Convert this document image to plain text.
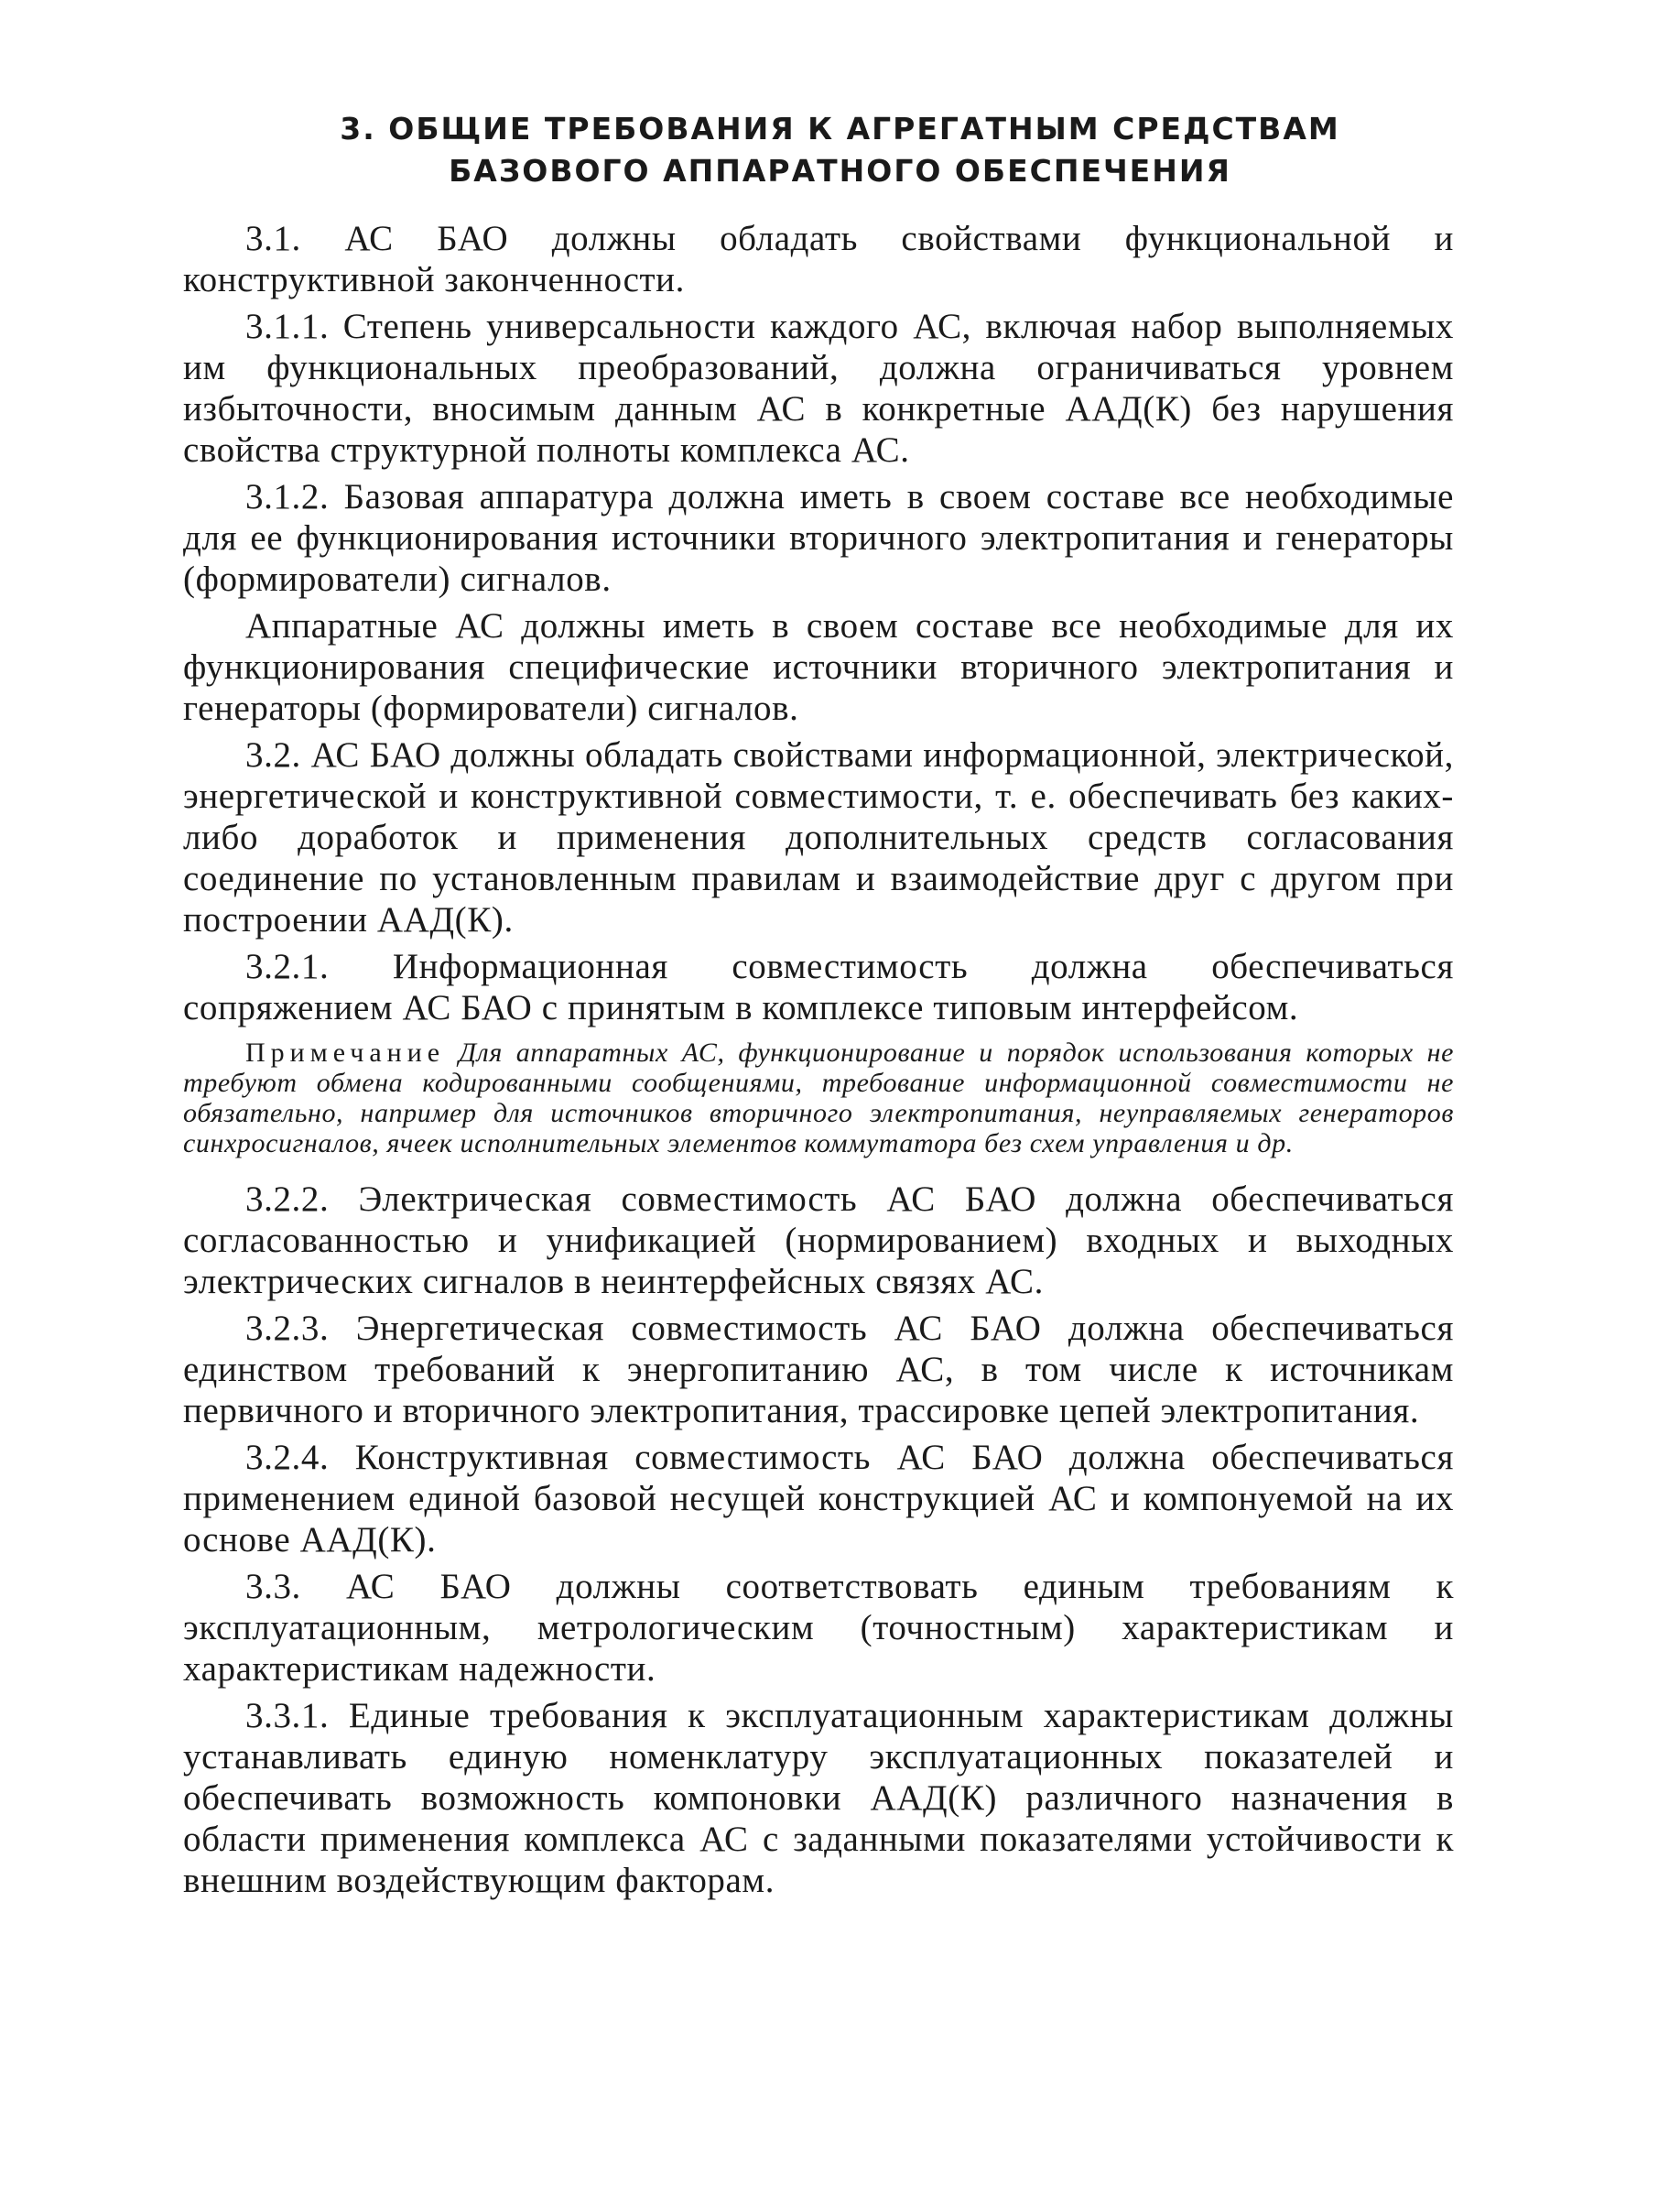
3. ОБЩИЕ ТРЕБОВАНИЯ К АГРЕГАТНЫМ СРЕДСТВАМ
БАЗОВОГО АППАРАТНОГО ОБЕСПЕЧЕНИЯ

3.1. АС БАО должны обладать свойствами функциональной и конструктивной законченности.

3.1.1. Степень универсальности каждого АС, включая набор выполняемых им функциональных преобразований, должна ограничиваться уровнем избыточности, вносимым данным АС в конкретные ААД(К) без нарушения свойства структурной полноты комплекса АС.

3.1.2. Базовая аппаратура должна иметь в своем составе все необходимые для ее функционирования источники вторичного электропитания и генераторы (формирователи) сигналов.

Аппаратные АС должны иметь в своем составе все необходимые для их функционирования специфические источники вторичного электропитания и генераторы (формирователи) сигналов.

3.2. АС БАО должны обладать свойствами информационной, электрической, энергетической и конструктивной совместимости, т. е. обеспечивать без каких-либо доработок и применения дополнительных средств согласования соединение по установленным правилам и взаимодействие друг с другом при построении ААД(К).

3.2.1. Информационная совместимость должна обеспечиваться сопряжением АС БАО с принятым в комплексе типовым интерфейсом.

Примечание Для аппаратных АС, функционирование и порядок использования которых не требуют обмена кодированными сообщениями, требование информационной совместимости не обязательно, например для источников вторичного электропитания, неуправляемых генераторов синхросигналов, ячеек исполнительных элементов коммутатора без схем управления и др.

3.2.2. Электрическая совместимость АС БАО должна обеспечиваться согласованностью и унификацией (нормированием) входных и выходных электрических сигналов в неинтерфейсных связях АС.

3.2.3. Энергетическая совместимость АС БАО должна обеспечиваться единством требований к энергопитанию АС, в том числе к источникам первичного и вторичного электропитания, трассировке цепей электропитания.

3.2.4. Конструктивная совместимость АС БАО должна обеспечиваться применением единой базовой несущей конструкцией АС и компонуемой на их основе ААД(К).

3.3. АС БАО должны соответствовать единым требованиям к эксплуатационным, метрологическим (точностным) характеристикам и характеристикам надежности.

3.3.1. Единые требования к эксплуатационным характеристикам должны устанавливать единую номенклатуру эксплуатационных показателей и обеспечивать возможность компоновки ААД(К) различного назначения в области применения комплекса АС с заданными показателями устойчивости к внешним воздействующим факторам.
